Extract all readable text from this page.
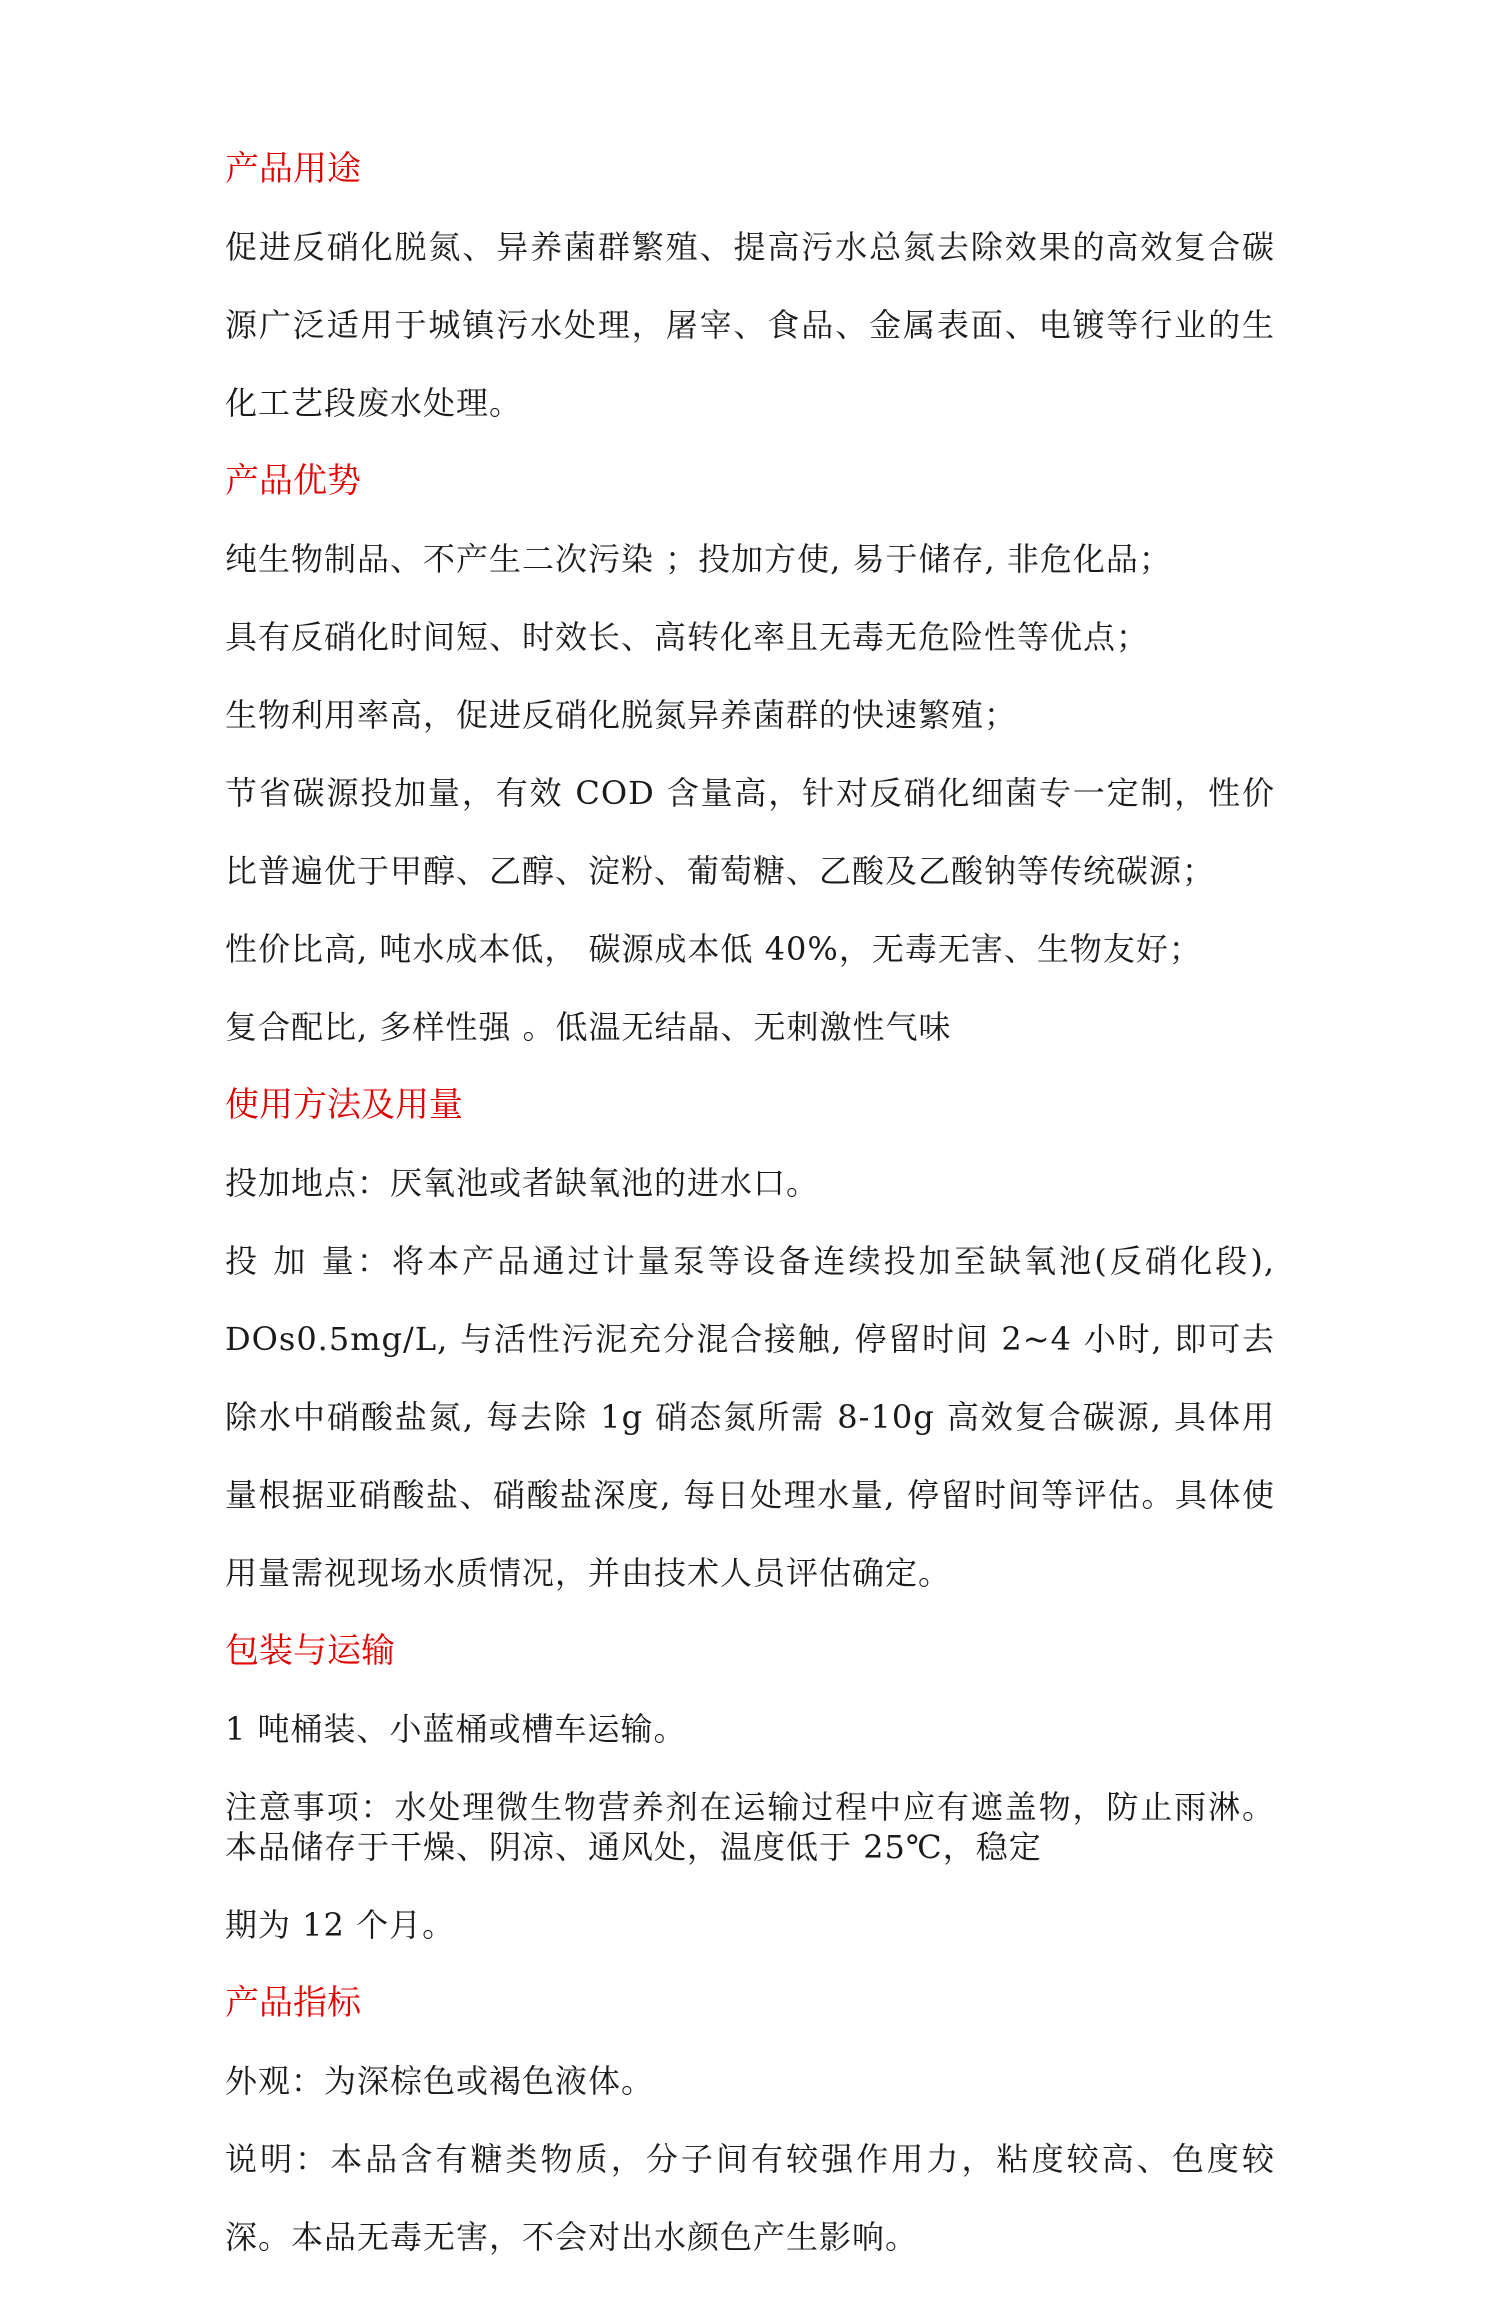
产品用途

促进反硝化脱氮、异养菌群繁殖、提高污水总氮去除效果的高效复合碳源广泛适用于城镇污水处理，屠宰、食品、金属表面、电镀等行业的生化工艺段废水处理。

产品优势

纯生物制品、不产生二次污染 ；投加方使, 易于储存, 非危化品；

具有反硝化时间短、时效长、高转化率且无毒无危险性等优点；

生物利用率高，促进反硝化脱氮异养菌群的快速繁殖；

节省碳源投加量，有效 COD 含量高，针对反硝化细菌专一定制，性价比普遍优于甲醇、乙醇、淀粉、葡萄糖、乙酸及乙酸钠等传统碳源；

性价比高, 吨水成本低， 碳源成本低 40%，无毒无害、生物友好；

复合配比, 多样性强 。低温无结晶、无刺激性气味

使用方法及用量

投加地点：厌氧池或者缺氧池的进水口。

投 加 量：将本产品通过计量泵等设备连续投加至缺氧池(反硝化段), DOs0.5mg/L, 与活性污泥充分混合接触, 停留时间 2~4 小时, 即可去除水中硝酸盐氮, 每去除 1g 硝态氮所需 8-10g 高效复合碳源, 具体用量根据亚硝酸盐、硝酸盐深度, 每日处理水量, 停留时间等评估。具体使用量需视现场水质情况，并由技术人员评估确定。

包装与运输

1 吨桶装、小蓝桶或槽车运输。

注意事项：水处理微生物营养剂在运输过程中应有遮盖物，防止雨淋。本品储存于干燥、阴凉、通风处，温度低于 25℃，稳定

期为 12 个月。

产品指标

外观：为深棕色或褐色液体。

说明：本品含有糖类物质，分子间有较强作用力，粘度较高、色度较深。本品无毒无害，不会对出水颜色产生影响。
